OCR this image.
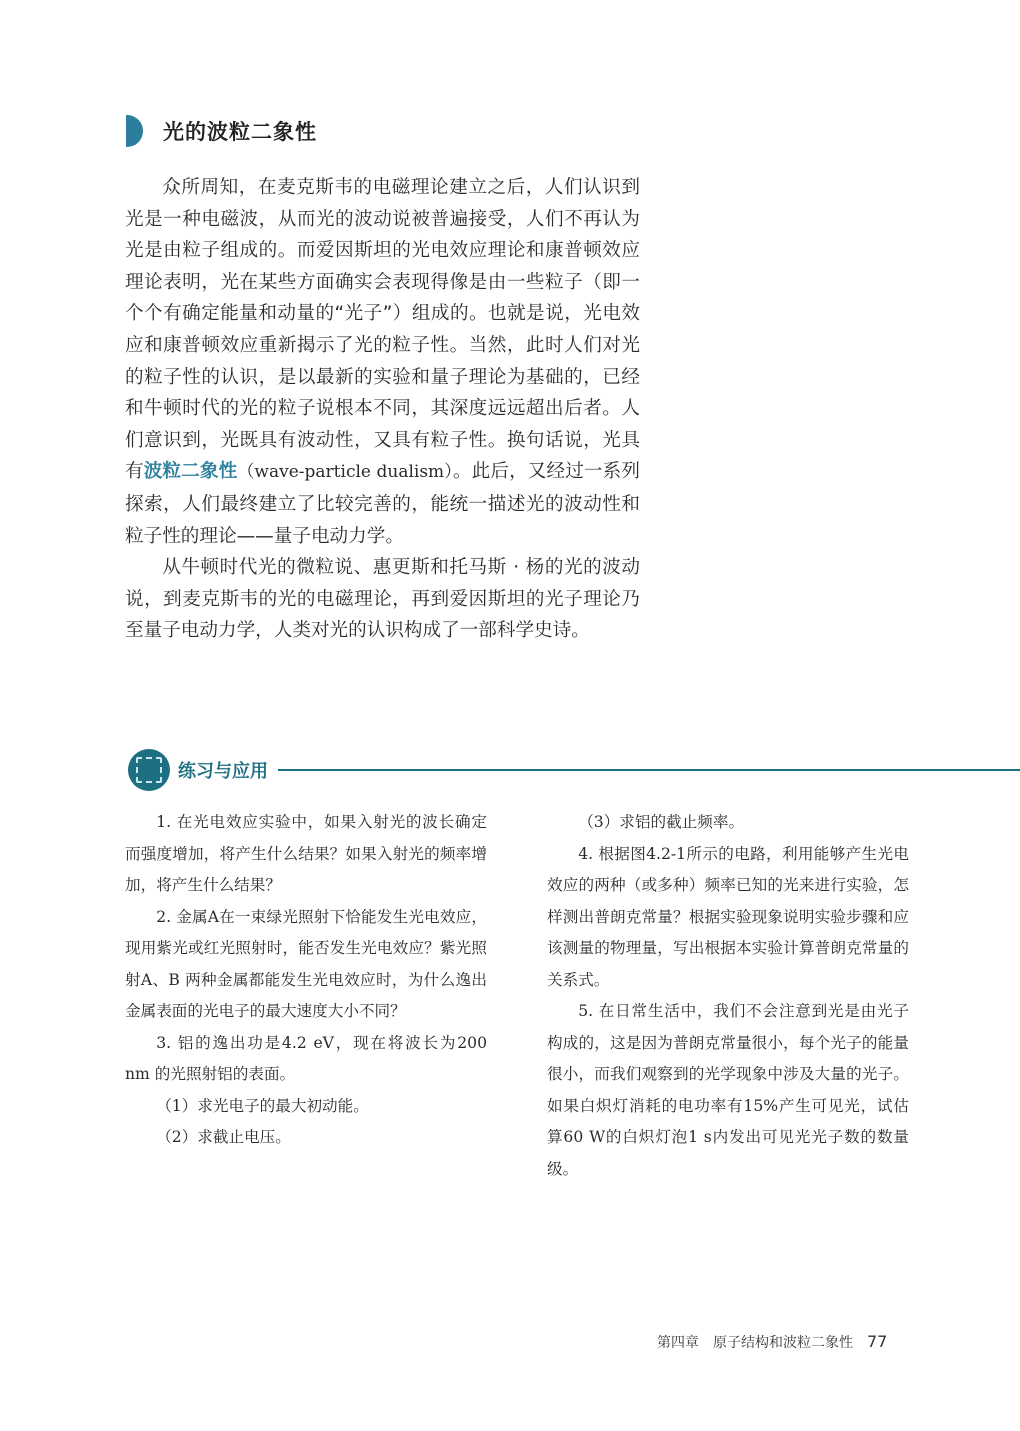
光的波粒二象性

众所周知，在麦克斯韦的电磁理论建立之后，人们认识到光是一种电磁波，从而光的波动说被普遍接受，人们不再认为光是由粒子组成的。而爱因斯坦的光电效应理论和康普顿效应理论表明，光在某些方面确实会表现得像是由一些粒子（即一个个有确定能量和动量的“光子”）组成的。也就是说，光电效应和康普顿效应重新揭示了光的粒子性。当然，此时人们对光的粒子性的认识，是以最新的实验和量子理论为基础的，已经和牛顿时代的光的粒子说根本不同，其深度远远超出后者。人们意识到，光既具有波动性，又具有粒子性。换句话说，光具有波粒二象性（wave-particle dualism）。此后，又经过一系列探索，人们最终建立了比较完善的，能统一描述光的波动性和粒子性的理论——量子电动力学。

从牛顿时代光的微粒说、惠更斯和托马斯 · 杨的光的波动说，到麦克斯韦的光的电磁理论，再到爱因斯坦的光子理论乃至量子电动力学，人类对光的认识构成了一部科学史诗。

练习与应用

1. 在光电效应实验中，如果入射光的波长确定而强度增加，将产生什么结果？如果入射光的频率增加，将产生什么结果？

2. 金属A在一束绿光照射下恰能发生光电效应，现用紫光或红光照射时，能否发生光电效应？紫光照射A、B 两种金属都能发生光电效应时，为什么逸出金属表面的光电子的最大速度大小不同？

3. 铝的逸出功是4.2 eV，现在将波长为200 nm 的光照射铝的表面。

（1）求光电子的最大初动能。

（2）求截止电压。

（3）求铝的截止频率。

4. 根据图4.2-1所示的电路，利用能够产生光电效应的两种（或多种）频率已知的光来进行实验，怎样测出普朗克常量？根据实验现象说明实验步骤和应该测量的物理量，写出根据本实验计算普朗克常量的关系式。

5. 在日常生活中，我们不会注意到光是由光子构成的，这是因为普朗克常量很小，每个光子的能量很小，而我们观察到的光学现象中涉及大量的光子。如果白炽灯消耗的电功率有15%产生可见光，试估算60 W的白炽灯泡1 s内发出可见光光子数的数量级。

第四章　原子结构和波粒二象性 77
